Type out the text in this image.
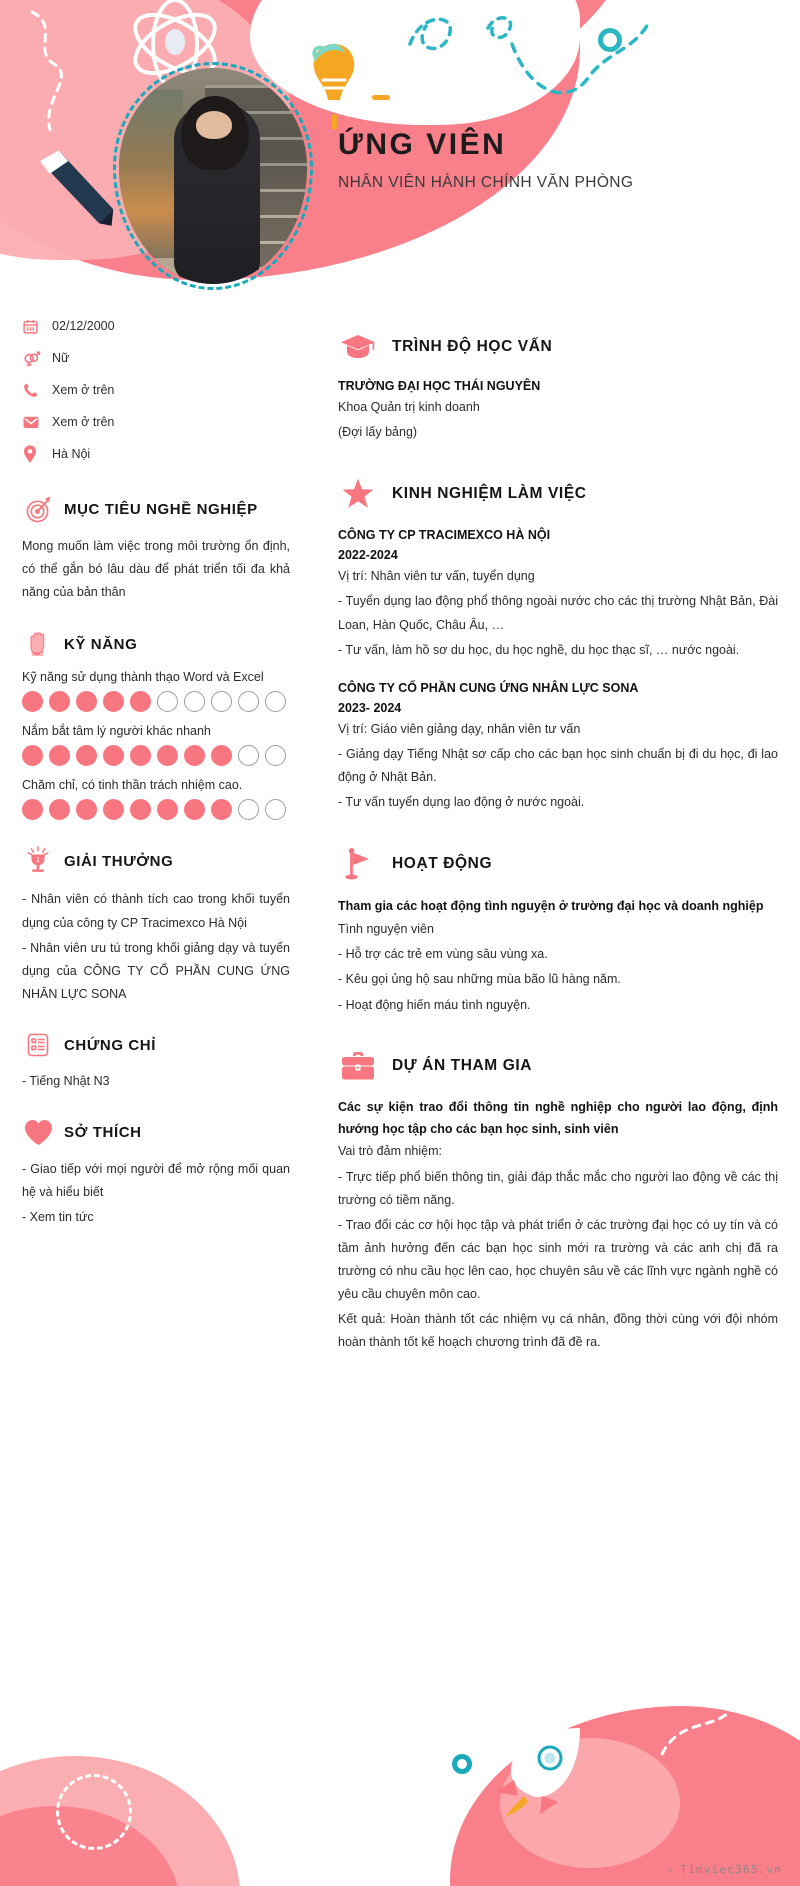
ỨNG VIÊN
NHÂN VIÊN HÀNH CHÍNH VĂN PHÒNG
02/12/2000
Nữ
Xem ở trên
Xem ở trên
Hà Nội
MỤC TIÊU NGHỀ NGHIỆP
Mong muốn làm việc trong môi trường ổn định, có thể gắn bó lâu dàu để phát triển tối đa khả năng của bản thân
KỸ NĂNG
Kỹ năng sử dụng thành thạo Word và Excel
Nắm bắt tâm lý người khác nhanh
Chăm chỉ, có tinh thần trách nhiệm cao.
1 GIẢI THƯỞNG
- Nhân viên có thành tích cao trong khối tuyển dụng của công ty CP Tracimexco Hà Nội
- Nhân viên ưu tú trong khối giảng dạy và tuyển dụng của CÔNG TY CỔ PHẦN CUNG ỨNG NHÂN LỰC SONA
CHỨNG CHỈ
- Tiếng Nhật N3
SỞ THÍCH
- Giao tiếp với mọi người để mở rộng mối quan hệ và hiểu biết
- Xem tin tức
TRÌNH ĐỘ HỌC VẤN
TRƯỜNG ĐẠI HỌC THÁI NGUYÊN
Khoa Quản trị kinh doanh
(Đợi lấy bảng)
KINH NGHIỆM LÀM VIỆC
CÔNG TY CP TRACIMEXCO HÀ NỘI
2022-2024
Vị trí: Nhân viên tư vấn, tuyển dụng
- Tuyển dụng lao động phổ thông ngoài nước cho các thị trường Nhật Bản, Đài Loan, Hàn Quốc, Châu Âu, …
- Tư vấn, làm hồ sơ du học, du học nghề, du học thạc sĩ, … nước ngoài.
CÔNG TY CỔ PHẦN CUNG ỨNG NHÂN LỰC SONA
2023- 2024
Vị trí: Giáo viên giảng dạy, nhân viên tư vấn
- Giảng dạy Tiếng Nhật sơ cấp cho các bạn học sinh chuẩn bị đi du học, đi lao động ở Nhật Bản.
- Tư vấn tuyển dụng lao động ở nước ngoài.
HOẠT ĐỘNG
Tham gia các hoạt động tình nguyện ở trường đại học và doanh nghiệp
Tình nguyện viên
- Hỗ trợ các trẻ em vùng sâu vùng xa.
- Kêu gọi ủng hộ sau những mùa bão lũ hàng năm.
- Hoạt động hiến máu tình nguyện.
DỰ ÁN THAM GIA
Các sự kiện trao đổi thông tin nghề nghiệp cho người lao động, định hướng học tập cho các bạn học sinh, sinh viên
Vai trò đảm nhiệm:
- Trực tiếp phổ biến thông tin, giải đáp thắc mắc cho người lao động về các thị trường có tiềm năng.
- Trao đổi các cơ hội học tập và phát triển ở các trường đại học có uy tín và có tầm ảnh hưởng đến các bạn học sinh mới ra trường và các anh chị đã ra trường có nhu cầu học lên cao, học chuyên sâu về các lĩnh vực ngành nghề có yêu cầu chuyên môn cao.
Kết quả: Hoàn thành tốt các nhiệm vụ cá nhân, đồng thời cùng với đội nhóm hoàn thành tốt kế hoạch chương trình đã đề ra.
✧ Timviec365.vn
